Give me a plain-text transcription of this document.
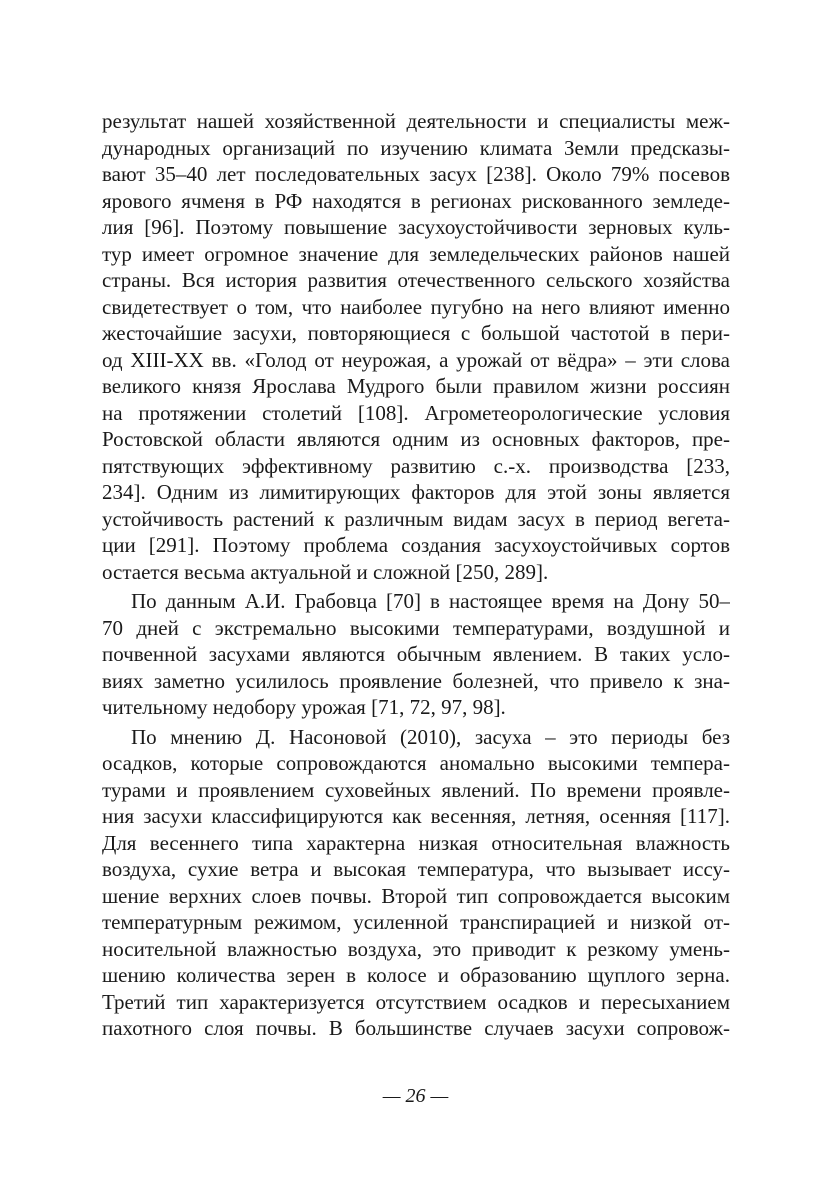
результат нашей хозяйственной деятельности и специалисты меж-
дународных организаций по изучению климата Земли предсказы-
вают 35–40 лет последовательных засух [238]. Около 79% посевов
ярового ячменя в РФ находятся в регионах рискованного земледе-
лия [96]. Поэтому повышение засухоустойчивости зерновых куль-
тур имеет огромное значение для земледельческих районов нашей
страны. Вся история развития отечественного сельского хозяйства
свидетествует о том, что наиболее пугубно на него влияют именно
жесточайшие засухи, повторяющиеся с большой частотой в пери-
од XIII-XX вв. «Голод от неурожая, а урожай от вёдра» – эти слова
великого князя Ярослава Мудрого были правилом жизни россиян
на протяжении столетий [108]. Агрометеорологические условия
Ростовской области являются одним из основных факторов, пре-
пятствующих эффективному развитию с.-х. производства [233,
234]. Одним из лимитирующих факторов для этой зоны является
устойчивость растений к различным видам засух в период вегета-
ции [291]. Поэтому проблема создания засухоустойчивых сортов
остается весьма актуальной и сложной [250, 289].
По данным А.И. Грабовца [70] в настоящее время на Дону 50–
70 дней с экстремально высокими температурами, воздушной и
почвенной засухами являются обычным явлением. В таких усло-
виях заметно усилилось проявление болезней, что привело к зна-
чительному недобору урожая [71, 72, 97, 98].
По мнению Д. Насоновой (2010), засуха – это периоды без
осадков, которые сопровождаются аномально высокими темпера-
турами и проявлением суховейных явлений. По времени проявле-
ния засухи классифицируются как весенняя, летняя, осенняя [117].
Для весеннего типа характерна низкая относительная влажность
воздуха, сухие ветра и высокая температура, что вызывает иссу-
шение верхних слоев почвы. Второй тип сопровождается высоким
температурным режимом, усиленной транспирацией и низкой от-
носительной влажностью воздуха, это приводит к резкому умень-
шению количества зерен в колосе и образованию щуплого зерна.
Третий тип характеризуется отсутствием осадков и пересыханием
пахотного слоя почвы. В большинстве случаев засухи сопровож-
— 26 —
